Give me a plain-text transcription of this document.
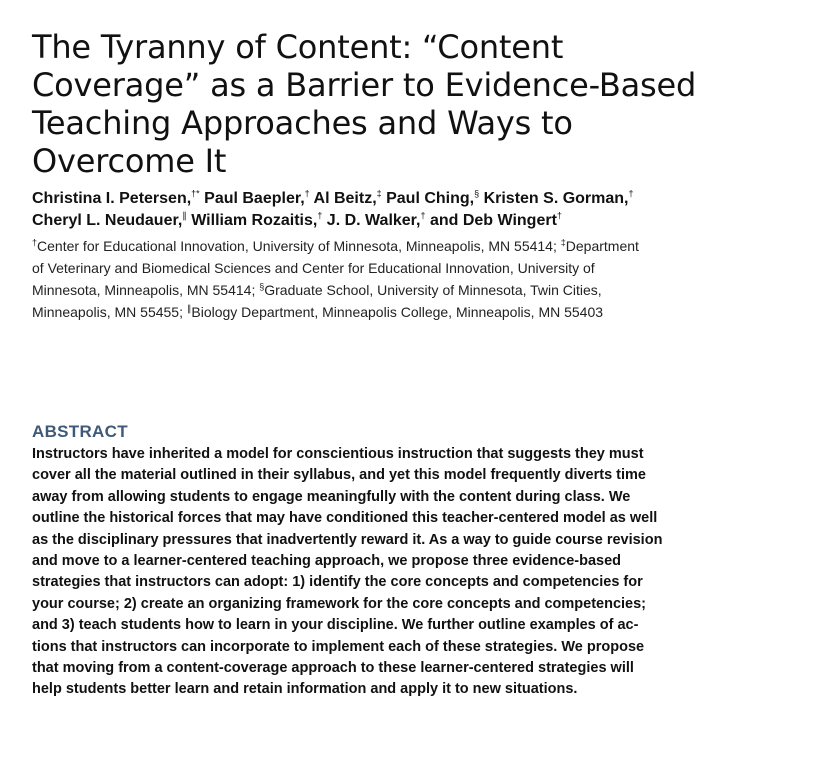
The Tyranny of Content: “Content
Coverage” as a Barrier to Evidence-Based
Teaching Approaches and Ways to
Overcome It
Christina I. Petersen,†* Paul Baepler,† Al Beitz,‡ Paul Ching,§ Kristen S. Gorman,†
Cheryl L. Neudauer,∥ William Rozaitis,† J. D. Walker,† and Deb Wingert†
†Center for Educational Innovation, University of Minnesota, Minneapolis, MN 55414; ‡Department
of Veterinary and Biomedical Sciences and Center for Educational Innovation, University of
Minnesota, Minneapolis, MN 55414; §Graduate School, University of Minnesota, Twin Cities,
Minneapolis, MN 55455; ∥Biology Department, Minneapolis College, Minneapolis, MN 55403
ABSTRACT
Instructors have inherited a model for conscientious instruction that suggests they must
cover all the material outlined in their syllabus, and yet this model frequently diverts time
away from allowing students to engage meaningfully with the content during class. We
outline the historical forces that may have conditioned this teacher-centered model as well
as the disciplinary pressures that inadvertently reward it. As a way to guide course revision
and move to a learner-centered teaching approach, we propose three evidence-based
strategies that instructors can adopt: 1) identify the core concepts and competencies for
your course; 2) create an organizing framework for the core concepts and competencies;
and 3) teach students how to learn in your discipline. We further outline examples of ac-
tions that instructors can incorporate to implement each of these strategies. We propose
that moving from a content-coverage approach to these learner-centered strategies will
help students better learn and retain information and apply it to new situations.
